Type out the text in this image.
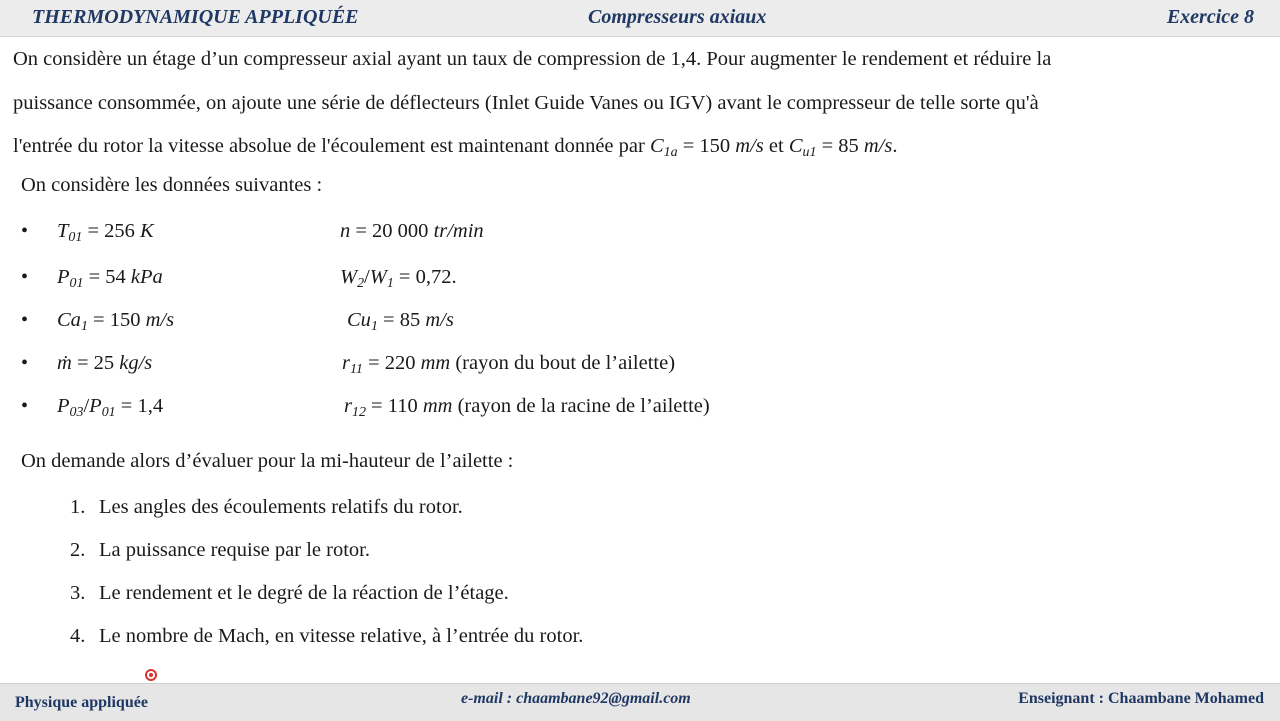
THERMODYNAMIQUE APPLIQUÉE	Compresseurs axiaux	Exercice 8
On considère un étage d’un compresseur axial ayant un taux de compression de 1,4. Pour augmenter le rendement et réduire la
puissance consommée, on ajoute une série de déflecteurs (Inlet Guide Vanes ou IGV) avant le compresseur de telle sorte qu'à
l'entrée du rotor la vitesse absolue de l'écoulement est maintenant donnée par $C_{1a} = 150$ m/s et $C_{u1} = 85$ m/s.
On considère les données suivantes :
• $T_{01} = 256$ K	n = 20 000 tr/min
• $P_{01} = 54$ kPa	$W_2/W_1 = 0,72$.
• $Ca_1 = 150$ m/s	$Cu_1 = 85$ m/s
• ṁ = 25 kg/s	$r_{11} = 220$ mm (rayon du bout de l’ailette)
• $P_{03}/P_{01} = 1,4$	$r_{12} = 110$ mm (rayon de la racine de l’ailette)
On demande alors d’évaluer pour la mi-hauteur de l’ailette :
1. Les angles des écoulements relatifs du rotor.
2. La puissance requise par le rotor.
3. Le rendement et le degré de la réaction de l’étage.
4. Le nombre de Mach, en vitesse relative, à l’entrée du rotor.
Physique appliquée	e-mail : chaambane92@gmail.com	Enseignant : Chaambane Mohamed
